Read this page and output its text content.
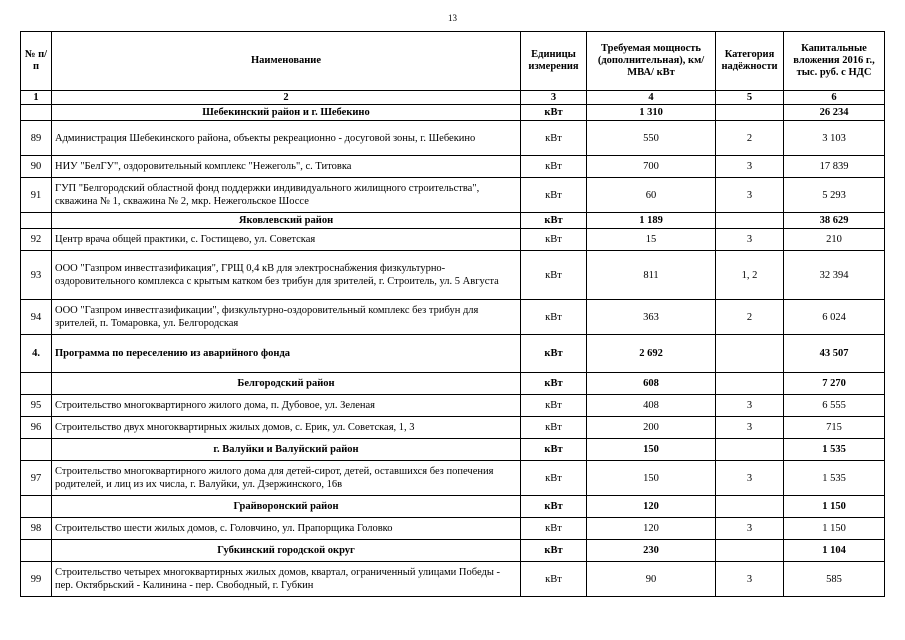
13
№ п/п	Наименование	Единицы измерения	Требуемая мощность (дополнительная), км/ МВА/ кВт	Категория надёжности	Капитальные вложения 2016 г., тыс. руб. с НДС
1	2	3	4	5	6
	Шебекинский район и г. Шебекино	кВт	1 310		26 234
89	Администрация Шебекинского района, объекты рекреационно - досуговой зоны, г. Шебекино	кВт	550	2	3 103
90	НИУ "БелГУ", оздоровительный комплекс "Нежеголь", с. Титовка	кВт	700	3	17 839
91	ГУП "Белгородский областной фонд поддержки индивидуального жилищного строительства", скважина № 1, скважина № 2, мкр. Нежегольское Шоссе	кВт	60	3	5 293
	Яковлевский район	кВт	1 189		38 629
92	Центр врача общей практики, с. Гостищево, ул. Советская	кВт	15	3	210
93	ООО "Газпром инвестгазификация", ГРЩ 0,4 кВ для электроснабжения физкультурно-оздоровительного комплекса с крытым катком без трибун для зрителей, г. Строитель, ул. 5 Августа	кВт	811	1, 2	32 394
94	ООО "Газпром инвестгазификации", физкультурно-оздоровительный комплекс без трибун для зрителей, п. Томаровка, ул. Белгородская	кВт	363	2	6 024
4.	Программа по переселению из аварийного фонда	кВт	2 692		43 507
	Белгородский район	кВт	608		7 270
95	Строительство многоквартирного жилого дома, п. Дубовое, ул. Зеленая	кВт	408	3	6 555
96	Строительство двух многоквартирных жилых домов, с. Ерик, ул. Советская, 1, 3	кВт	200	3	715
	г. Валуйки и Валуйский район	кВт	150		1 535
97	Строительство многоквартирного жилого дома для детей-сирот, детей, оставшихся без попечения родителей, и лиц из их числа, г. Валуйки, ул. Дзержинского, 16в	кВт	150	3	1 535
	Грайворонский район	кВт	120		1 150
98	Строительство шести жилых домов, с. Головчино, ул. Прапорщика Головко	кВт	120	3	1 150
	Губкинский городской округ	кВт	230		1 104
99	Строительство четырех многоквартирных жилых домов, квартал, ограниченный улицами Победы - пер. Октябрьский - Калинина - пер. Свободный, г. Губкин	кВт	90	3	585
